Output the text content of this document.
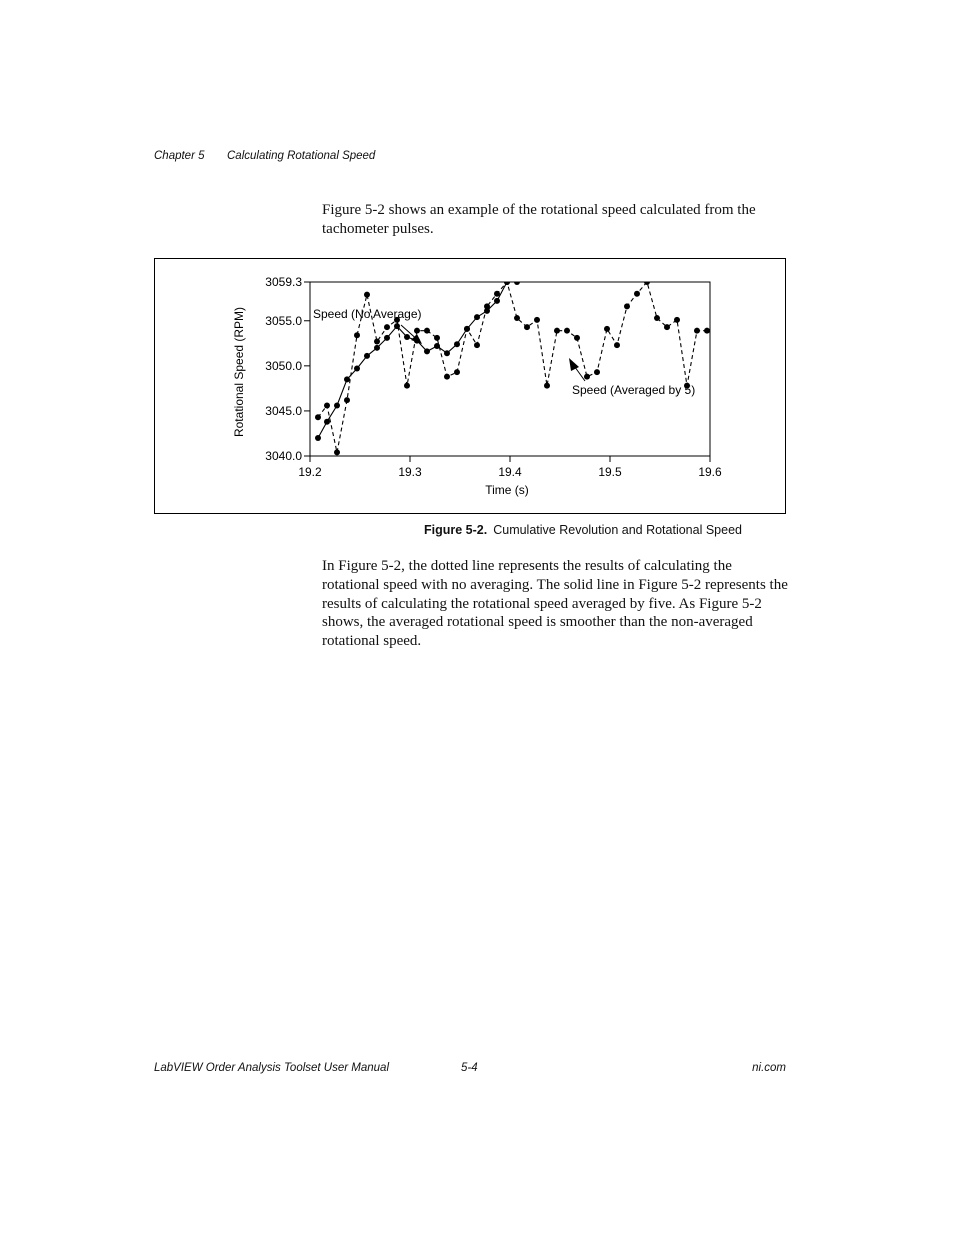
Chapter 5 Calculating Rotational Speed
Figure 5-2 shows an example of the rotational speed calculated from the tachometer pulses.
3040.0
3045.0
3050.0
3055.0
3059.3
19.2	19.3	19.4	19.5	19.6
Time (s)
Rotational Speed (RPM)	Speed (No Average)
Speed (Averaged by 5)
Figure 5-2. Cumulative Revolution and Rotational Speed
In Figure 5-2, the dotted line represents the results of calculating the rotational speed with no averaging. The solid line in Figure 5-2 represents the results of calculating the rotational speed averaged by five. As Figure 5-2 shows, the averaged rotational speed is smoother than the non-averaged rotational speed.
LabVIEW Order Analysis Toolset User Manual	5-4	ni.com
